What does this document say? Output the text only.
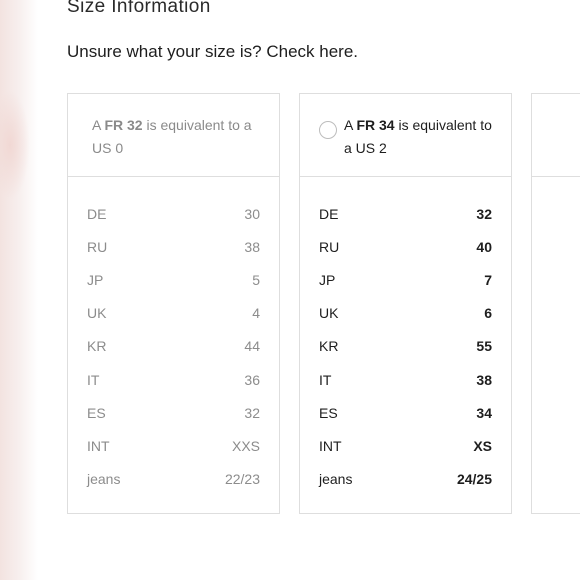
Size Information
Unsure what your size is? Check here.
A FR 32 is equivalent to a US 0
DE	30
RU	38
JP	5
UK	4
KR	44
IT	36
ES	32
INT	XXS
jeans	22/23
A FR 34 is equivalent to a US 2
DE	32
RU	40
JP	7
UK	6
KR	55
IT	38
ES	34
INT	XS
jeans	24/25
